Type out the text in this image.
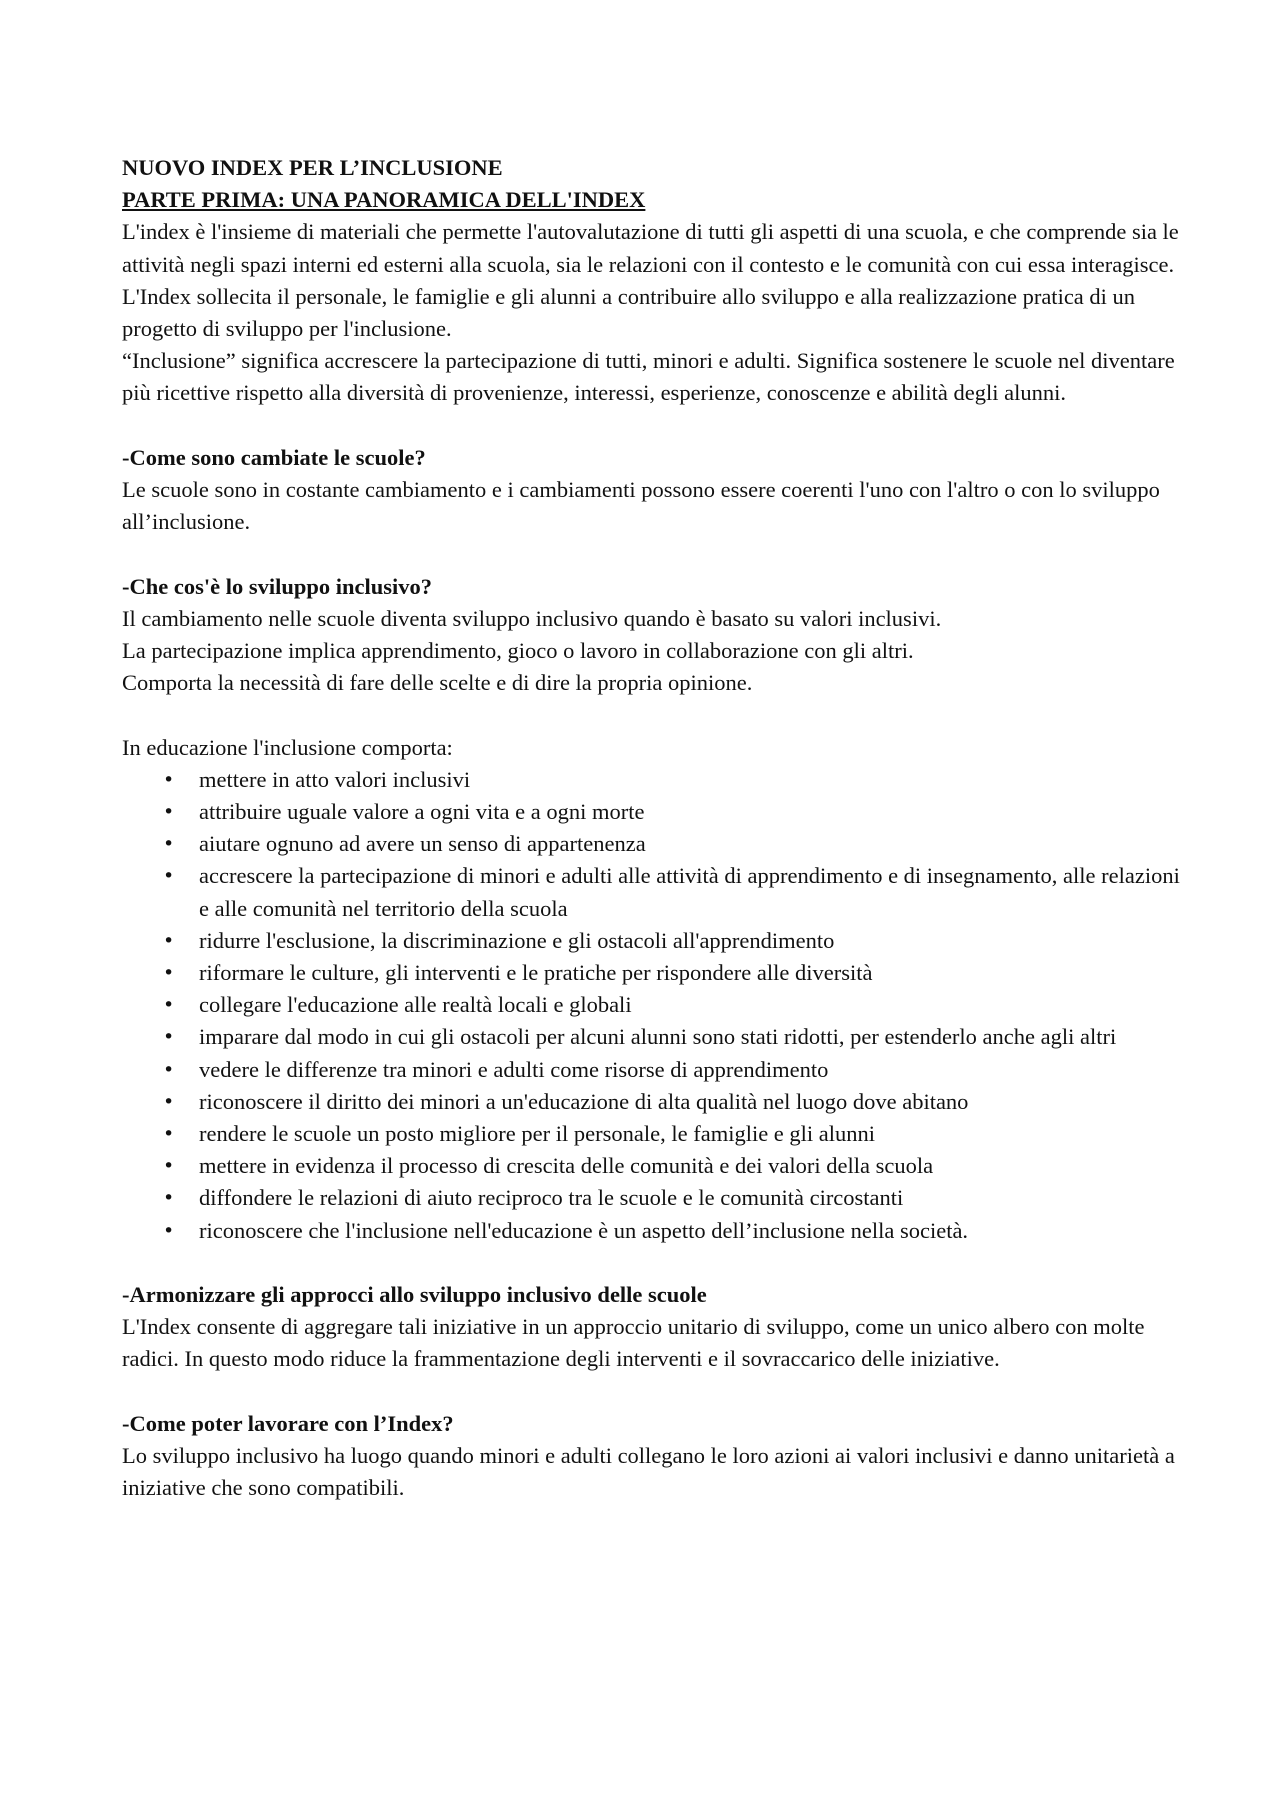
NUOVO INDEX PER L’INCLUSIONE

PARTE PRIMA: UNA PANORAMICA DELL'INDEX

L'index è l'insieme di materiali che permette l'autovalutazione di tutti gli aspetti di una scuola, e che comprende sia le attività negli spazi interni ed esterni alla scuola, sia le relazioni con il contesto e le comunità con cui essa interagisce.

L'Index sollecita il personale, le famiglie e gli alunni a contribuire allo sviluppo e alla realizzazione pratica di un progetto di sviluppo per l'inclusione.

“Inclusione” significa accrescere la partecipazione di tutti, minori e adulti. Significa sostenere le scuole nel diventare più ricettive rispetto alla diversità di provenienze, interessi, esperienze, conoscenze e abilità degli alunni.

-Come sono cambiate le scuole?

Le scuole sono in costante cambiamento e i cambiamenti possono essere coerenti l'uno con l'altro o con lo sviluppo all’inclusione.

-Che cos'è lo sviluppo inclusivo?

Il cambiamento nelle scuole diventa sviluppo inclusivo quando è basato su valori inclusivi.

La partecipazione implica apprendimento, gioco o lavoro in collaborazione con gli altri.

Comporta la necessità di fare delle scelte e di dire la propria opinione.

In educazione l'inclusione comporta:

• mettere in atto valori inclusivi
• attribuire uguale valore a ogni vita e a ogni morte
• aiutare ognuno ad avere un senso di appartenenza
• accrescere la partecipazione di minori e adulti alle attività di apprendimento e di insegnamento, alle relazioni e alle comunità nel territorio della scuola
• ridurre l'esclusione, la discriminazione e gli ostacoli all'apprendimento
• riformare le culture, gli interventi e le pratiche per rispondere alle diversità
• collegare l'educazione alle realtà locali e globali
• imparare dal modo in cui gli ostacoli per alcuni alunni sono stati ridotti, per estenderlo anche agli altri
• vedere le differenze tra minori e adulti come risorse di apprendimento
• riconoscere il diritto dei minori a un'educazione di alta qualità nel luogo dove abitano
• rendere le scuole un posto migliore per il personale, le famiglie e gli alunni
• mettere in evidenza il processo di crescita delle comunità e dei valori della scuola
• diffondere le relazioni di aiuto reciproco tra le scuole e le comunità circostanti
• riconoscere che l'inclusione nell'educazione è un aspetto dell’inclusione nella società.

-Armonizzare gli approcci allo sviluppo inclusivo delle scuole

L'Index consente di aggregare tali iniziative in un approccio unitario di sviluppo, come un unico albero con molte radici. In questo modo riduce la frammentazione degli interventi e il sovraccarico delle iniziative.

-Come poter lavorare con l’Index?

Lo sviluppo inclusivo ha luogo quando minori e adulti collegano le loro azioni ai valori inclusivi e danno unitarietà a iniziative che sono compatibili.
